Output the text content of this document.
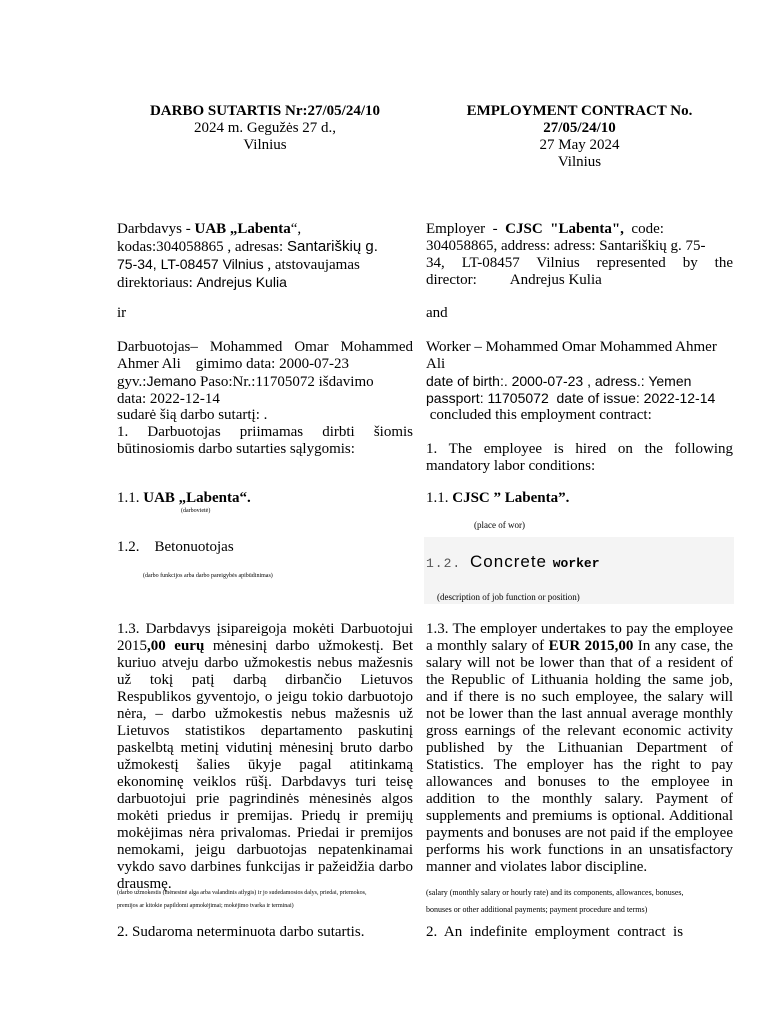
DARBO SUTARTIS Nr:27/05/24/10
2024 m. Gegužės 27 d.,
Vilnius
Darbdavys - UAB „Labenta“,
kodas:304058865 , adresas: Santariškių g.
75-34, LT-08457 Vilnius , atstovaujamas
direktoriaus: Andrejus Kulia
ir
Darbuotojas– Mohammed Omar Mohammed
Ahmer Ali    gimimo data: 2000-07-23
gyv.:Jemano Paso:Nr.:11705072 išdavimo
data: 2022-12-14
sudarė šią darbo sutartį: .
1. Darbuotojas priimamas dirbti šiomis būtinosiomis darbo sutarties sąlygomis:
1.1. UAB „Labenta“.
(darbovietė)
1.2.    Betonuotojas
(darbo funkcijos arba darbo pareigybės apibūdinimas)
1.3. Darbdavys įsipareigoja mokėti Darbuotojui 2015,00 eurų mėnesinį darbo užmokestį. Bet kuriuo atveju darbo užmokestis nebus mažesnis už tokį patį darbą dirbančio Lietuvos Respublikos gyventojo, o jeigu tokio darbuotojo nėra, – darbo užmokestis nebus mažesnis už Lietuvos statistikos departamento paskutinį paskelbtą metinį vidutinį mėnesinį bruto darbo užmokestį šalies ūkyje pagal atitinkamą ekonominę veiklos rūšį. Darbdavys turi teisę darbuotojui prie pagrindinės mėnesinės algos mokėti priedus ir premijas. Priedų ir premijų mokėjimas nėra privalomas. Priedai ir premijos nemokami, jeigu darbuotojas nepatenkinamai vykdo savo darbines funkcijas ir pažeidžia darbo drausmę.
(darbo užmokestis (mėnesinė alga arba valandinis atlygis) ir jo sudedamosios dalys, priedai, priemokos,
premijos ar kitokie papildomi apmokėjimai; mokėjimo tvarka ir terminai)
2. Sudaroma neterminuota darbo sutartis.
EMPLOYMENT CONTRACT No.
27/05/24/10
27 May 2024
Vilnius
Employer  -  CJSC  "Labenta",  code:
304058865, address: adress: Santariškių g. 75-
34, LT-08457 Vilnius represented by the
director:         Andrejus Kulia
and
Worker – Mohammed Omar Mohammed Ahmer
Ali
date of birth:. 2000-07-23 , adress.: Yemen
passport: 11705072  date of issue: 2022-12-14
concluded this employment contract:
1. The employee is hired on the following mandatory labor conditions:
1.1. CJSC ” Labenta”.
(place of wor)
1.2. Concrete worker
(description of job function or position)
1.3. The employer undertakes to pay the employee a monthly salary of EUR 2015,00 In any case, the salary will not be lower than that of a resident of the Republic of Lithuania holding the same job, and if there is no such employee, the salary will not be lower than the last annual average monthly gross earnings of the relevant economic activity published by the Lithuanian Department of Statistics. The employer has the right to pay allowances and bonuses to the employee in addition to the monthly salary. Payment of supplements and premiums is optional. Additional payments and bonuses are not paid if the employee performs his work functions in an unsatisfactory manner and violates labor discipline.
(salary (monthly salary or hourly rate) and its components, allowances, bonuses,
bonuses or other additional payments; payment procedure and terms)
2.  An  indefinite  employment  contract  is
